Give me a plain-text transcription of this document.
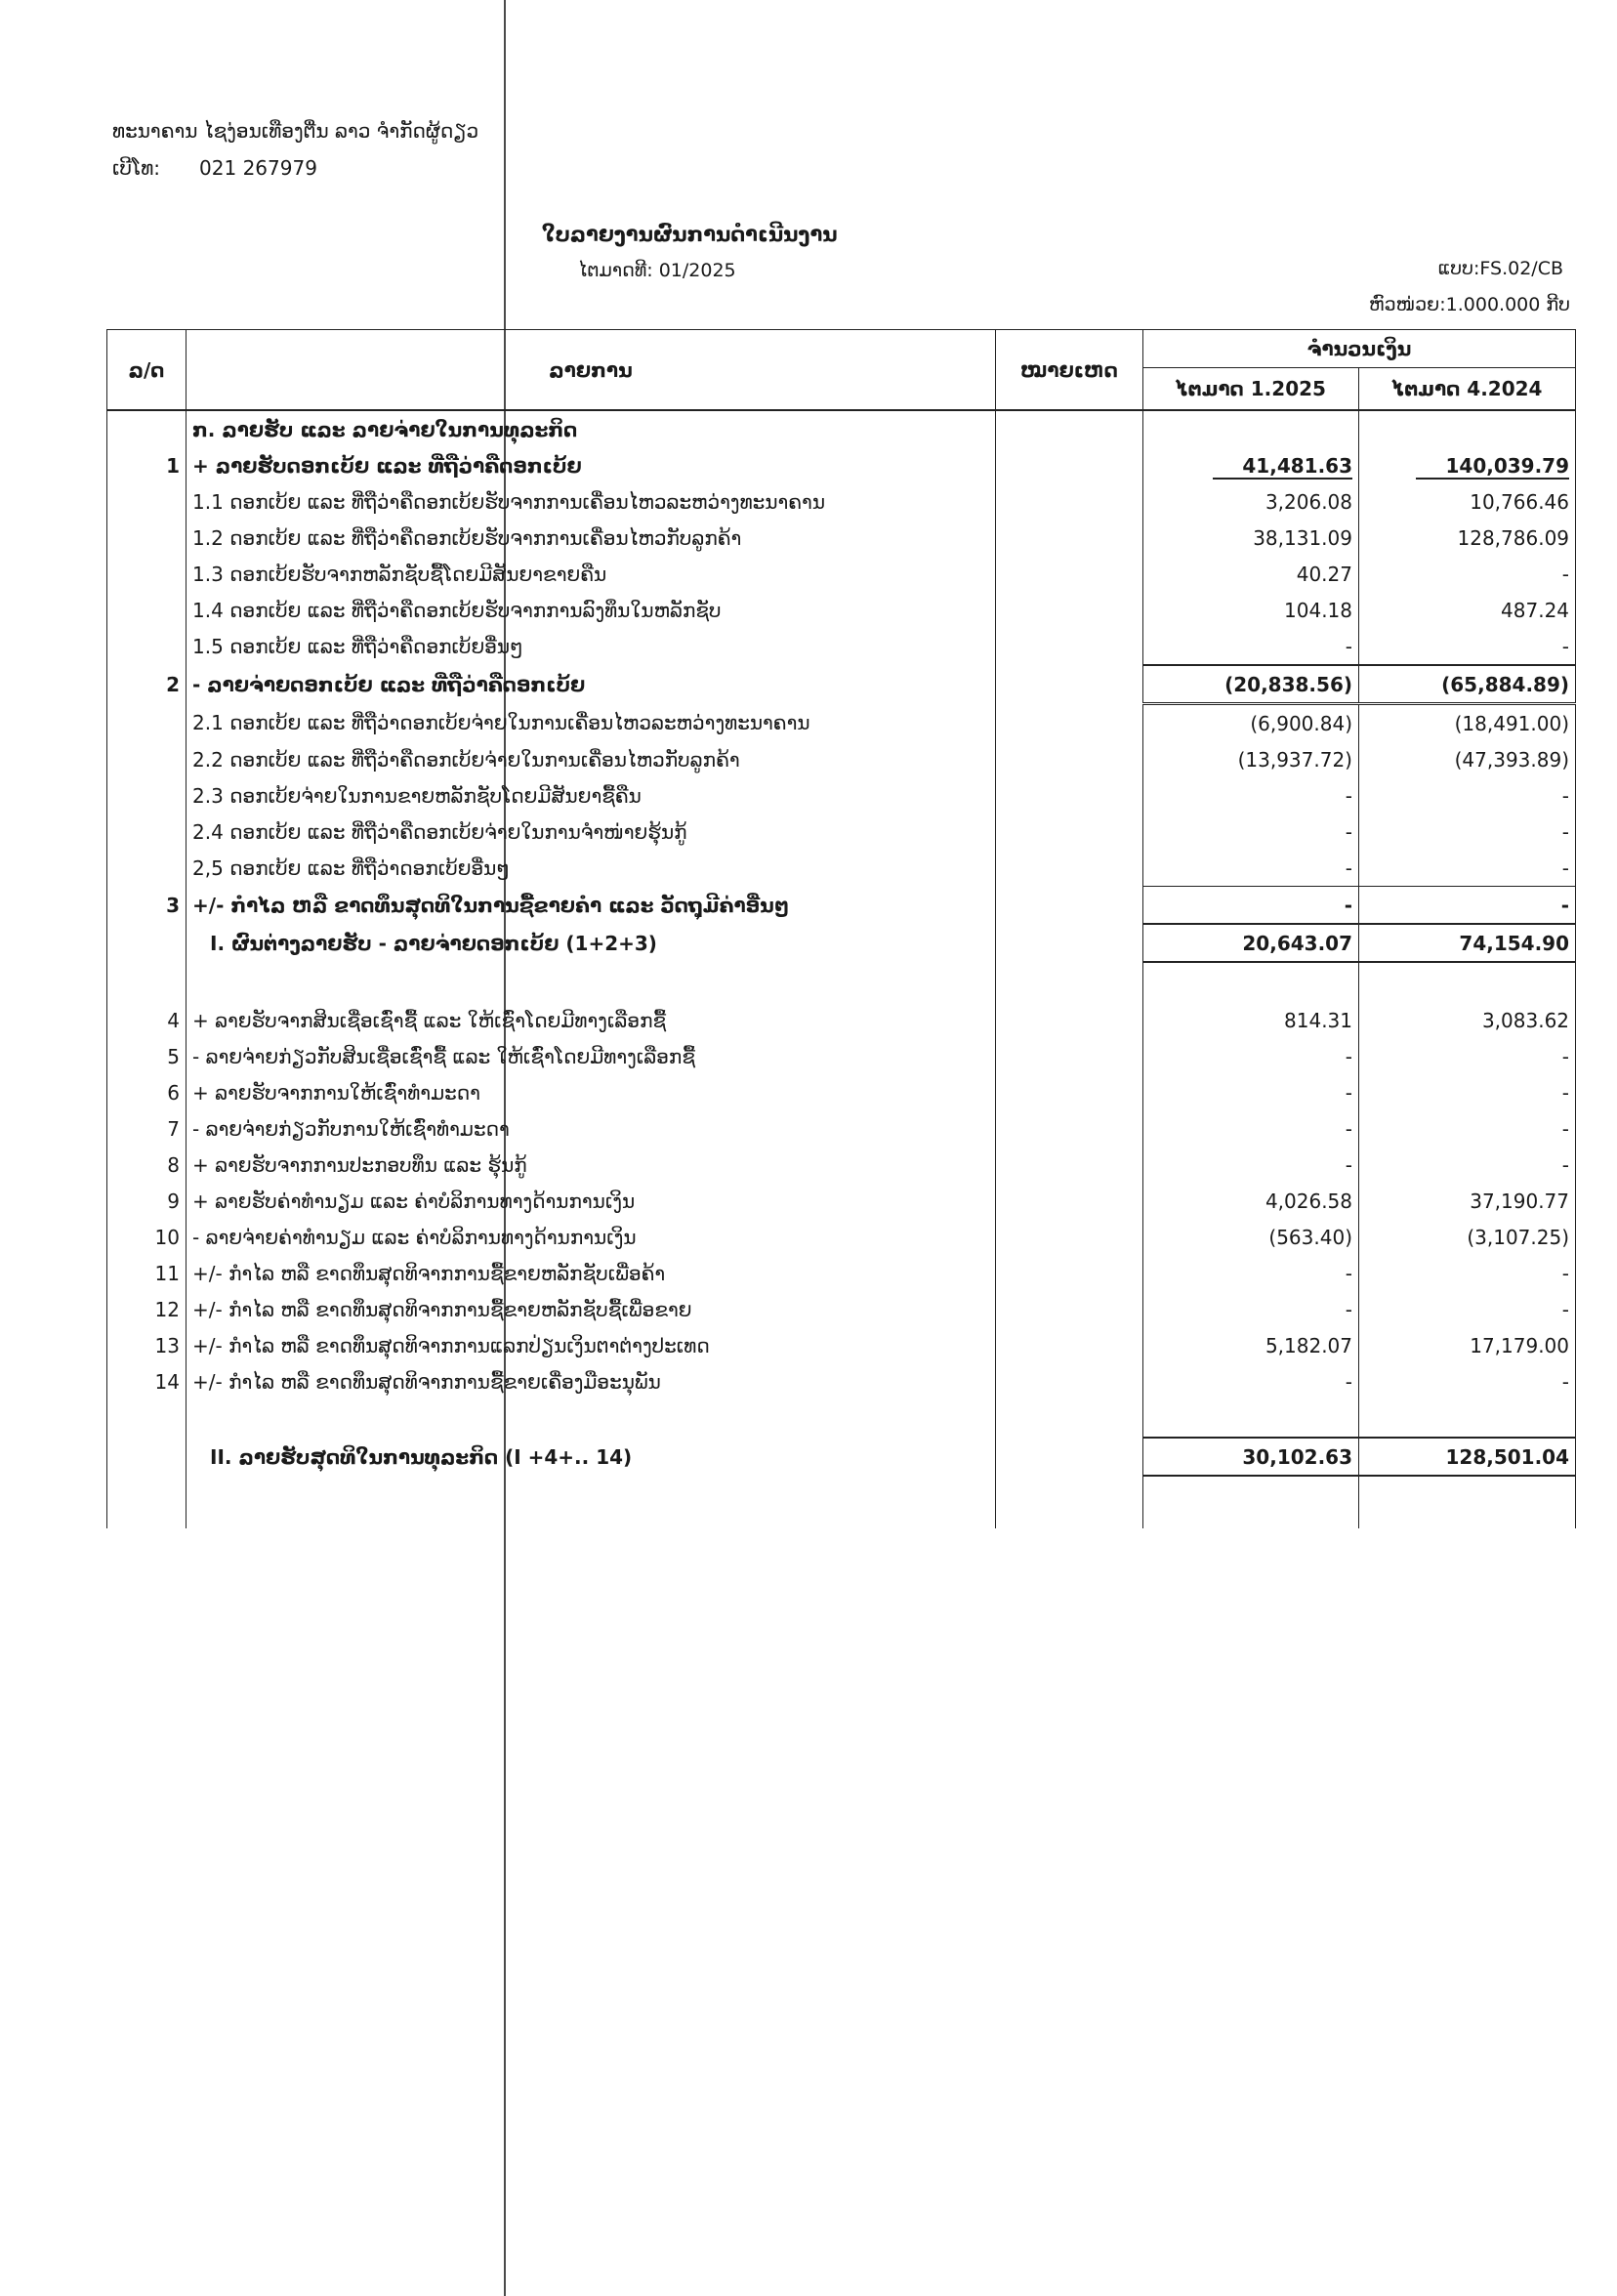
ທະນາຄານ ໄຊງ່ອນເທືອງຕື່ນ ລາວ ຈຳກັດຜູ້ດຽວ
ເບີໂທ: 021 267979
ໃບລາຍງານຜົນການດຳເນີນງານ
ໄຕມາດທີ: 01/2025	ແບບ:FS.02/CB
ຫົວໜ່ວຍ:1.000.000 ກີບ
ລ/ດ	ລາຍການ	ໝາຍເຫດ	ຈຳນວນເງິນ	
			ໄຕມາດ 1.2025	ໄຕມາດ 4.2024
	ກ. ລາຍຮັບ ແລະ ລາຍຈ່າຍໃນການທຸລະກິດ			
1	+ ລາຍຮັບດອກເບ້ຍ ແລະ ທີ່ຖືວ່າຄືດອກເບ້ຍ		41,481.63	140,039.79
	1.1 ດອກເບ້ຍ ແລະ ທີ່ຖືວ່າຄືດອກເບ້ຍຮັບຈາກການເຄື່ອນໄຫວລະຫວ່າງທະນາຄານ		3,206.08	10,766.46
	1.2 ດອກເບ້ຍ ແລະ ທີ່ຖືວ່າຄືດອກເບ້ຍຮັບຈາກການເຄື່ອນໄຫວກັບລູກຄ້າ		38,131.09	128,786.09
	1.3 ດອກເບ້ຍຮັບຈາກຫລັກຊັບຊື້ໂດຍມີສັນຍາຂາຍຄືນ		40.27	-
	1.4 ດອກເບ້ຍ ແລະ ທີ່ຖືວ່າຄືດອກເບ້ຍຮັບຈາກການລົງທຶນໃນຫລັກຊັບ		104.18	487.24
	1.5 ດອກເບ້ຍ ແລະ ທີ່ຖືວ່າຄືດອກເບ້ຍອື່ນໆ		-	-
2	- ລາຍຈ່າຍດອກເບ້ຍ ແລະ ທີ່ຖືວ່າຄືດອກເບ້ຍ		(20,838.56)	(65,884.89)
	2.1 ດອກເບ້ຍ ແລະ ທີ່ຖືວ່າດອກເບ້ຍຈ່າຍໃນການເຄື່ອນໄຫວລະຫວ່າງທະນາຄານ		(6,900.84)	(18,491.00)
	2.2 ດອກເບ້ຍ ແລະ ທີ່ຖືວ່າຄືດອກເບ້ຍຈ່າຍໃນການເຄື່ອນໄຫວກັບລູກຄ້າ		(13,937.72)	(47,393.89)
	2.3 ດອກເບ້ຍຈ່າຍໃນການຂາຍຫລັກຊັບໂດຍມີສັນຍາຊື້ຄືນ		-	-
	2.4 ດອກເບ້ຍ ແລະ ທີ່ຖືວ່າຄືດອກເບ້ຍຈ່າຍໃນການຈຳໜ່າຍຮຸ້ນກູ້		-	-
	2,5 ດອກເບ້ຍ ແລະ ທີ່ຖືວ່າດອກເບ້ຍອື່ນໆ		-	-
3	+/- ກຳໄລ ຫລື ຂາດທຶນສຸດທິໃນການຊື້ຂາຍຄຳ ແລະ ວັດຖຸມີຄ່າອື່ນໆ		-	-
	I. ຜົນຕ່າງລາຍຮັບ - ລາຍຈ່າຍດອກເບ້ຍ (1+2+3)		20,643.07	74,154.90

4	+ ລາຍຮັບຈາກສິນເຊື່ອເຊົ່າຊື້ ແລະ ໃຫ້ເຊົ່າໂດຍມີທາງເລືອກຊື້		814.31	3,083.62
5	- ລາຍຈ່າຍກ່ຽວກັບສິນເຊື່ອເຊົ່າຊື້ ແລະ ໃຫ້ເຊົ່າໂດຍມີທາງເລືອກຊື້		-	-
6	+ ລາຍຮັບຈາກການໃຫ້ເຊົ່າທຳມະດາ		-	-
7	- ລາຍຈ່າຍກ່ຽວກັບການໃຫ້ເຊົ່າທຳມະດາ		-	-
8	+ ລາຍຮັບຈາກການປະກອບທຶນ ແລະ ຮຸ້ນກູ້		-	-
9	+ ລາຍຮັບຄ່າທຳນຽມ ແລະ ຄ່າບໍລິການທາງດ້ານການເງິນ		4,026.58	37,190.77
10	- ລາຍຈ່າຍຄ່າທຳນຽມ ແລະ ຄ່າບໍລິການທາງດ້ານການເງິນ		(563.40)	(3,107.25)
11	+/- ກຳໄລ ຫລື ຂາດທຶນສຸດທິຈາກການຊື້ຂາຍຫລັກຊັບເພື່ອຄ້າ		-	-
12	+/- ກຳໄລ ຫລື ຂາດທຶນສຸດທິຈາກການຊື້ຂາຍຫລັກຊັບຊື້ເພື່ອຂາຍ		-	-
13	+/- ກຳໄລ ຫລື ຂາດທຶນສຸດທິຈາກການແລກປ່ຽນເງິນຕາຕ່າງປະເທດ		5,182.07	17,179.00
14	+/- ກຳໄລ ຫລື ຂາດທຶນສຸດທິຈາກການຊື້ຂາຍເຄື່ອງມືອະນຸພັນ		-	-

	II. ລາຍຮັບສຸດທິໃນການທຸລະກິດ (I +4+.. 14)		30,102.63	128,501.04
